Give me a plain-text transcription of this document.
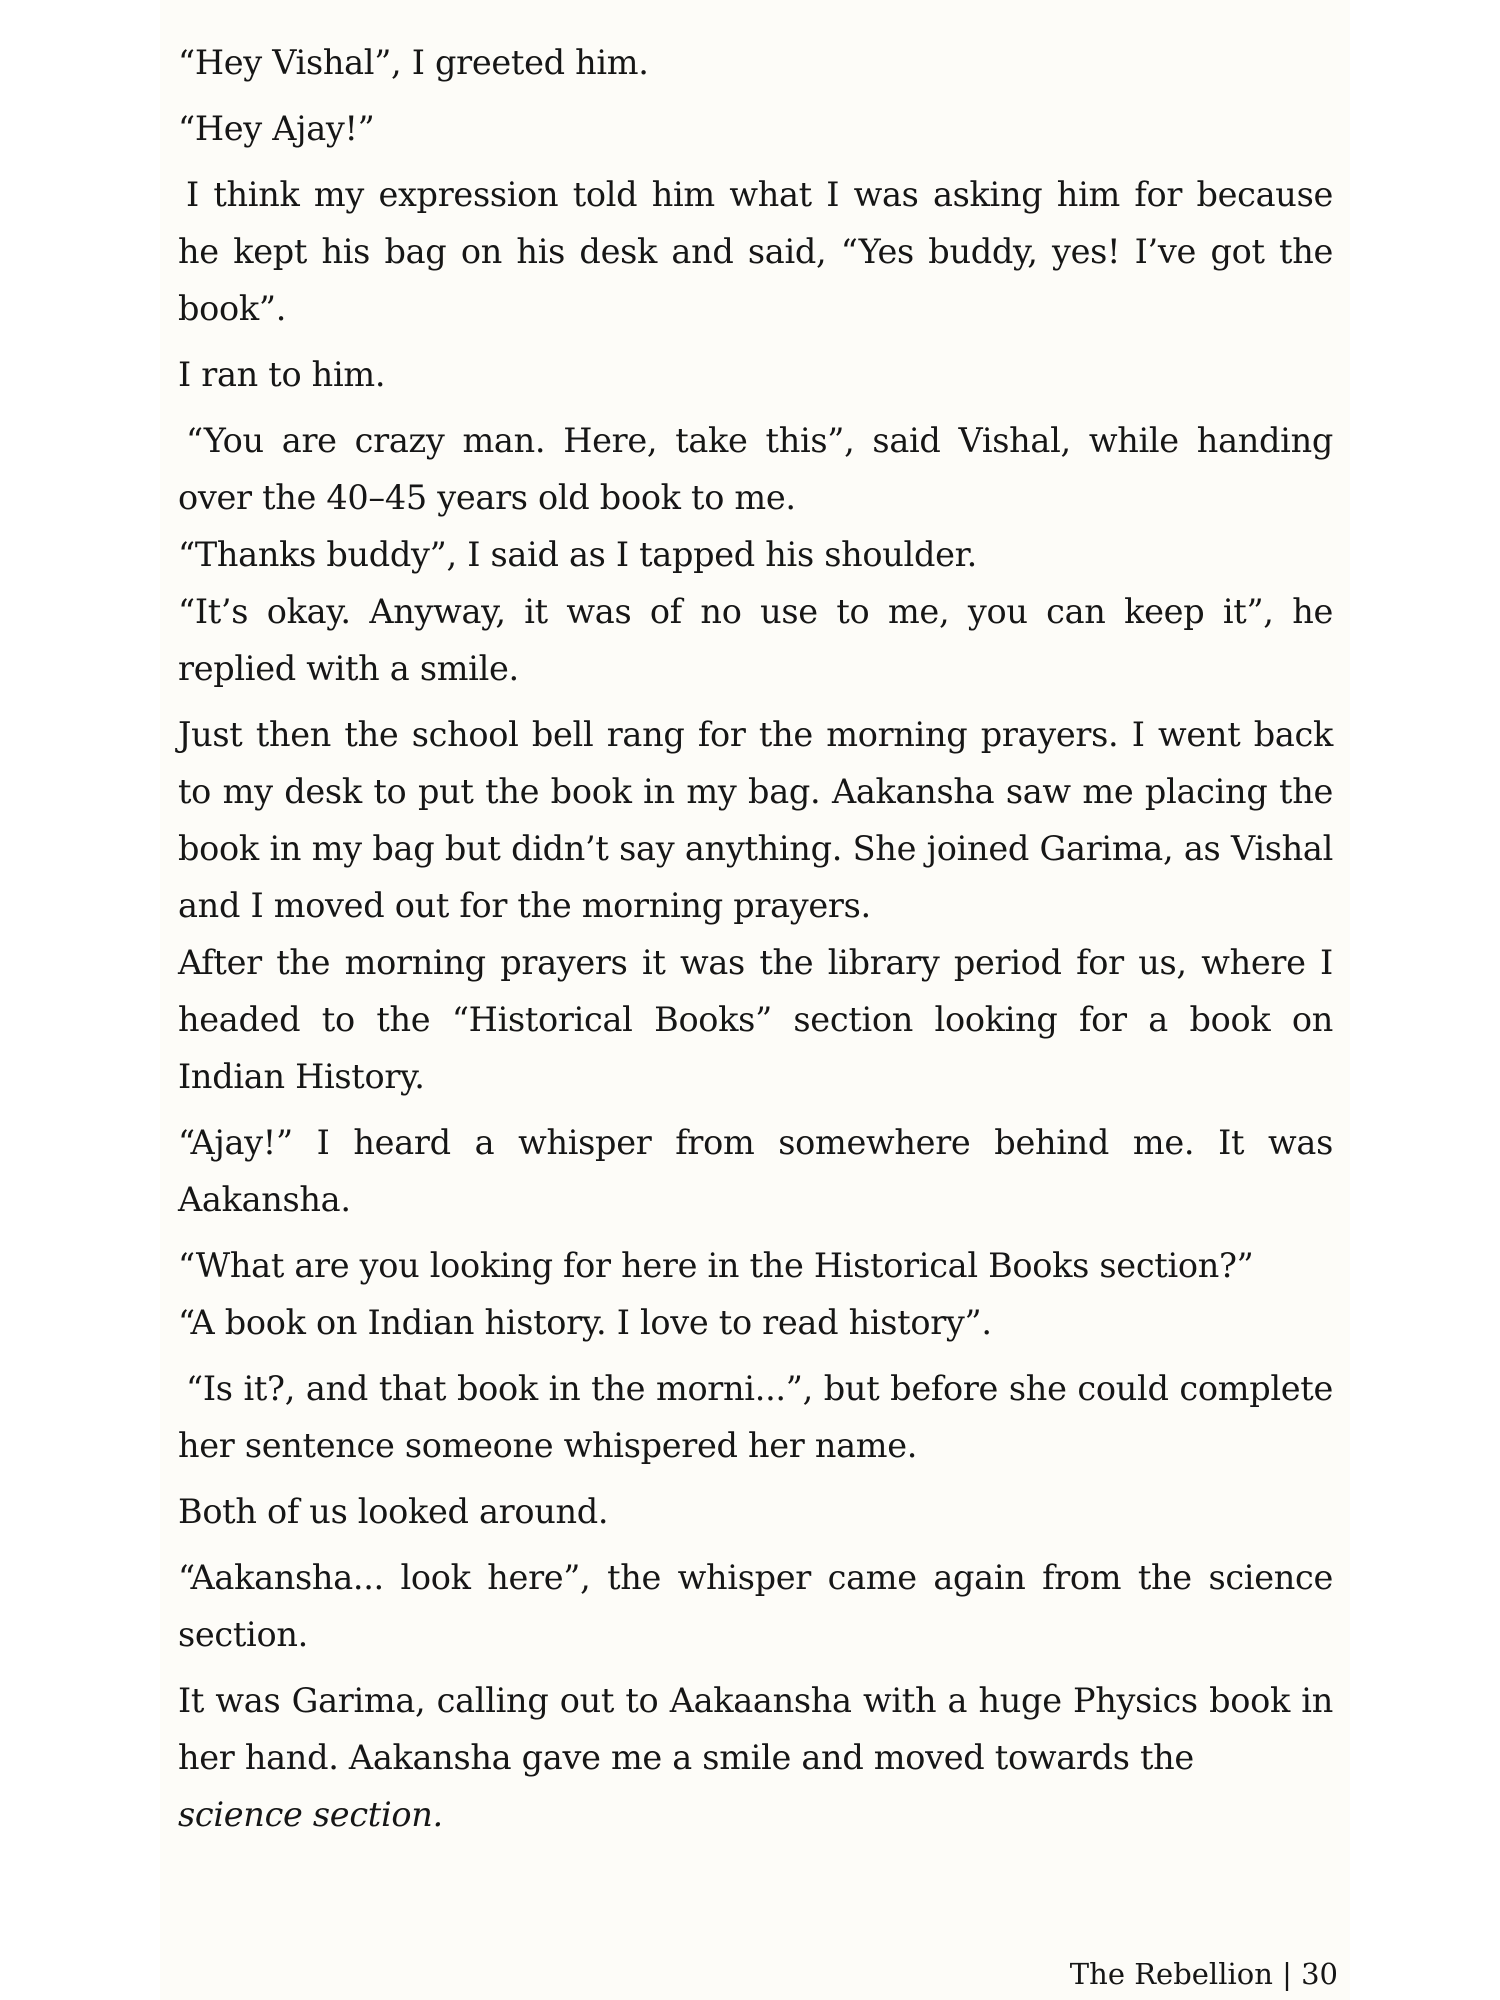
“Hey Vishal”, I greeted him.

“Hey Ajay!”

I think my expression told him what I was asking him for because he kept his bag on his desk and said, “Yes buddy, yes! I’ve got the book”.

I ran to him.

“You are crazy man. Here, take this”, said Vishal, while handing over the 40–45 years old book to me.

“Thanks buddy”, I said as I tapped his shoulder.

“It’s okay. Anyway, it was of no use to me, you can keep it”, he replied with a smile.

Just then the school bell rang for the morning prayers. I went back to my desk to put the book in my bag. Aakansha saw me placing the book in my bag but didn’t say anything. She joined Garima, as Vishal and I moved out for the morning prayers.

After the morning prayers it was the library period for us, where I headed to the “Historical Books” section looking for a book on Indian History.

“Ajay!” I heard a whisper from somewhere behind me. It was Aakansha.

“What are you looking for here in the Historical Books section?”

“A book on Indian history. I love to read history”.

“Is it?, and that book in the morni...”, but before she could complete her sentence someone whispered her name.

Both of us looked around.

“Aakansha... look here”, the whisper came again from the science section.

It was Garima, calling out to Aakaansha with a huge Physics book in her hand. Aakansha gave me a smile and moved towards the

science section.

The Rebellion | 30
